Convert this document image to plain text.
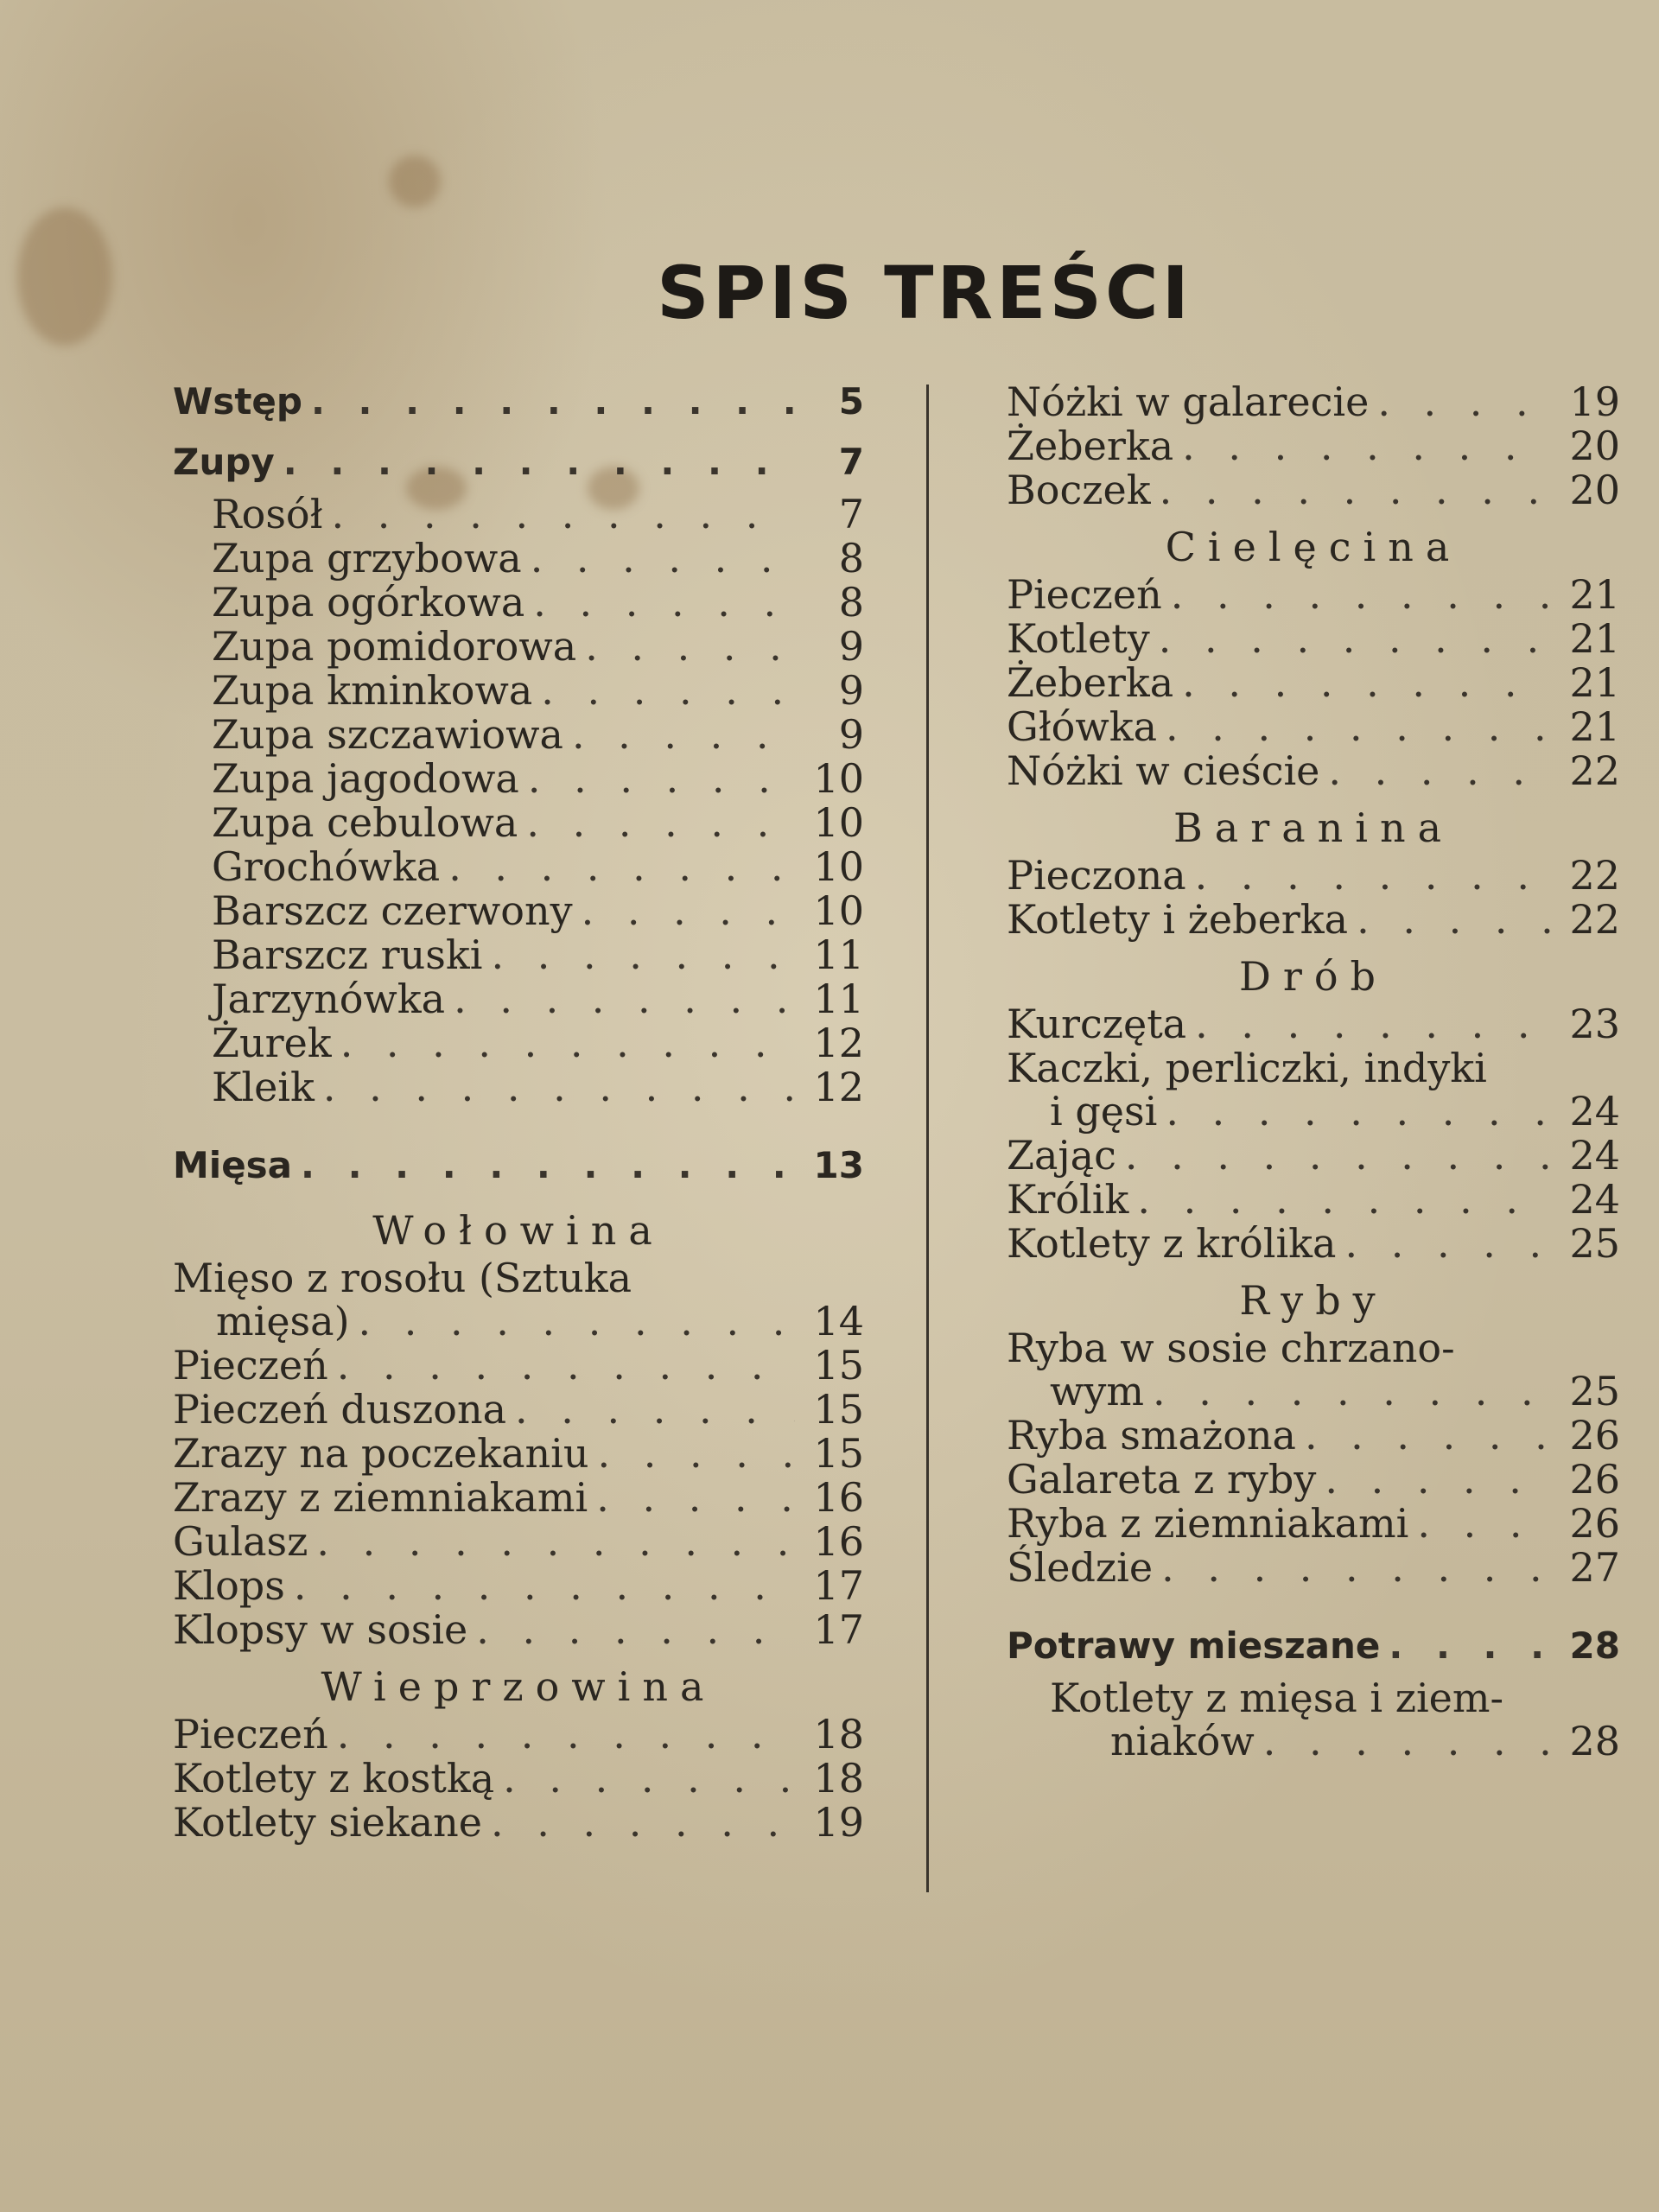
SPIS TREŚCI
Wstęp . . .	5
Zupy . . .	7
Rosół . . .	7
Zupa grzybowa . . .	8
Zupa ogórkowa . . .	8
Zupa pomidorowa . . .	9
Zupa kminkowa . . .	9
Zupa szczawiowa . . .	9
Zupa jagodowa . . .	10
Zupa cebulowa . . .	10
Grochówka . . .	10
Barszcz czerwony . . .	10
Barszcz ruski . . .	11
Jarzynówka . . .	11
Żurek . . .	12
Kleik . . .	12
Mięsa . . .	13
Wołowina
Mięso z rosołu (Sztuka
mięsa) . . .	14
Pieczeń . . .	15
Pieczeń duszona . . .	15
Zrazy na poczekaniu . . .	15
Zrazy z ziemniakami . . .	16
Gulasz . . .	16
Klops . . .	17
Klopsy w sosie . . .	17
Wieprzowina
Pieczeń . . .	18
Kotlety z kostką . . .	18
Kotlety siekane . . .	19
Nóżki w galarecie . . .	19
Żeberka . . .	20
Boczek . . .	20
Cielęcina
Pieczeń . . .	21
Kotlety . . .	21
Żeberka . . .	21
Główka . . .	21
Nóżki w cieście . . .	22
Baranina
Pieczona . . .	22
Kotlety i żeberka . . .	22
Drób
Kurczęta . . .	23
Kaczki, perliczki, indyki
i gęsi . . .	24
Zając . . .	24
Królik . . .	24
Kotlety z królika . . .	25
Ryby
Ryba w sosie chrzano-
wym . . .	25
Ryba smażona . . .	26
Galareta z ryby . . .	26
Ryba z ziemniakami . . .	26
Śledzie . . .	27
Potrawy mieszane . . .	28
Kotlety z mięsa i ziem-
niaków . . .	28
